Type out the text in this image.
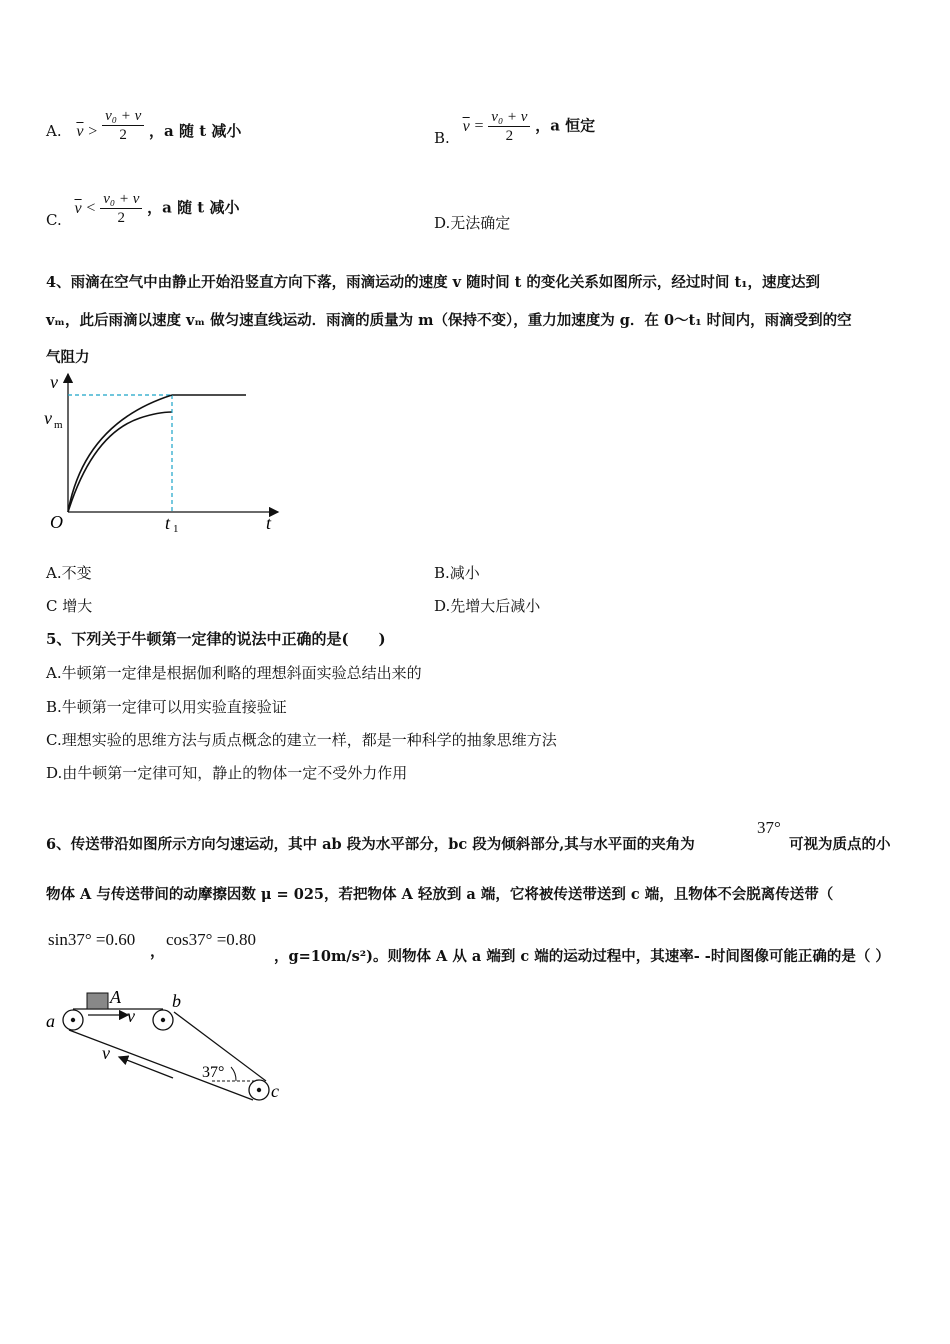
A. $\overline{v} > \frac{\text{v₀ + v}}{2}$ ，a 随 t 减小	B. $\overline{v} = \frac{\text{v₀ + v}}{2}$ ，a 恒定
C. $\overline{v} < \frac{\text{v₀ + v}}{2}$ ，a 随 t 减小
D.无法确定
4、雨滴在空气中由静止开始沿竖直方向下落，雨滴运动的速度 v 随时间 t 的变化关系如图所示，经过时间 t₁，速度达到
vₘ，此后雨滴以速度 vₘ 做匀速直线运动．雨滴的质量为 m（保持不变），重力加速度为 g．在 0～t₁ 时间内，雨滴受到的空
气阻力
v
v m
O	t 1	t
A.不变	B.减小
C 增大	D.先增大后减小
5、下列关于牛顿第一定律的说法中正确的是(　　)
A.牛顿第一定律是根据伽利略的理想斜面实验总结出来的
B.牛顿第一定律可以用实验直接验证
C.理想实验的思维方法与质点概念的建立一样，都是一种科学的抽象思维方法
D.由牛顿第一定律可知，静止的物体一定不受外力作用
6、传送带沿如图所示方向匀速运动，其中 ab 段为水平部分，bc 段为倾斜部分,其与水平面的夹角为
37°
可视为质点的小
物体 A 与传送带间的动摩擦因数 μ = 025，若把物体 A 轻放到 a 端，它将被传送带送到 c 端，且物体不会脱离传送带（
sin37° =0.60
，
cos37° =0.80
，g=10m/s²)。则物体 A 从 a 端到 c 端的运动过程中，其速率- -时间图像可能正确的是（ ）
a
b
c
A
v
v
37°
